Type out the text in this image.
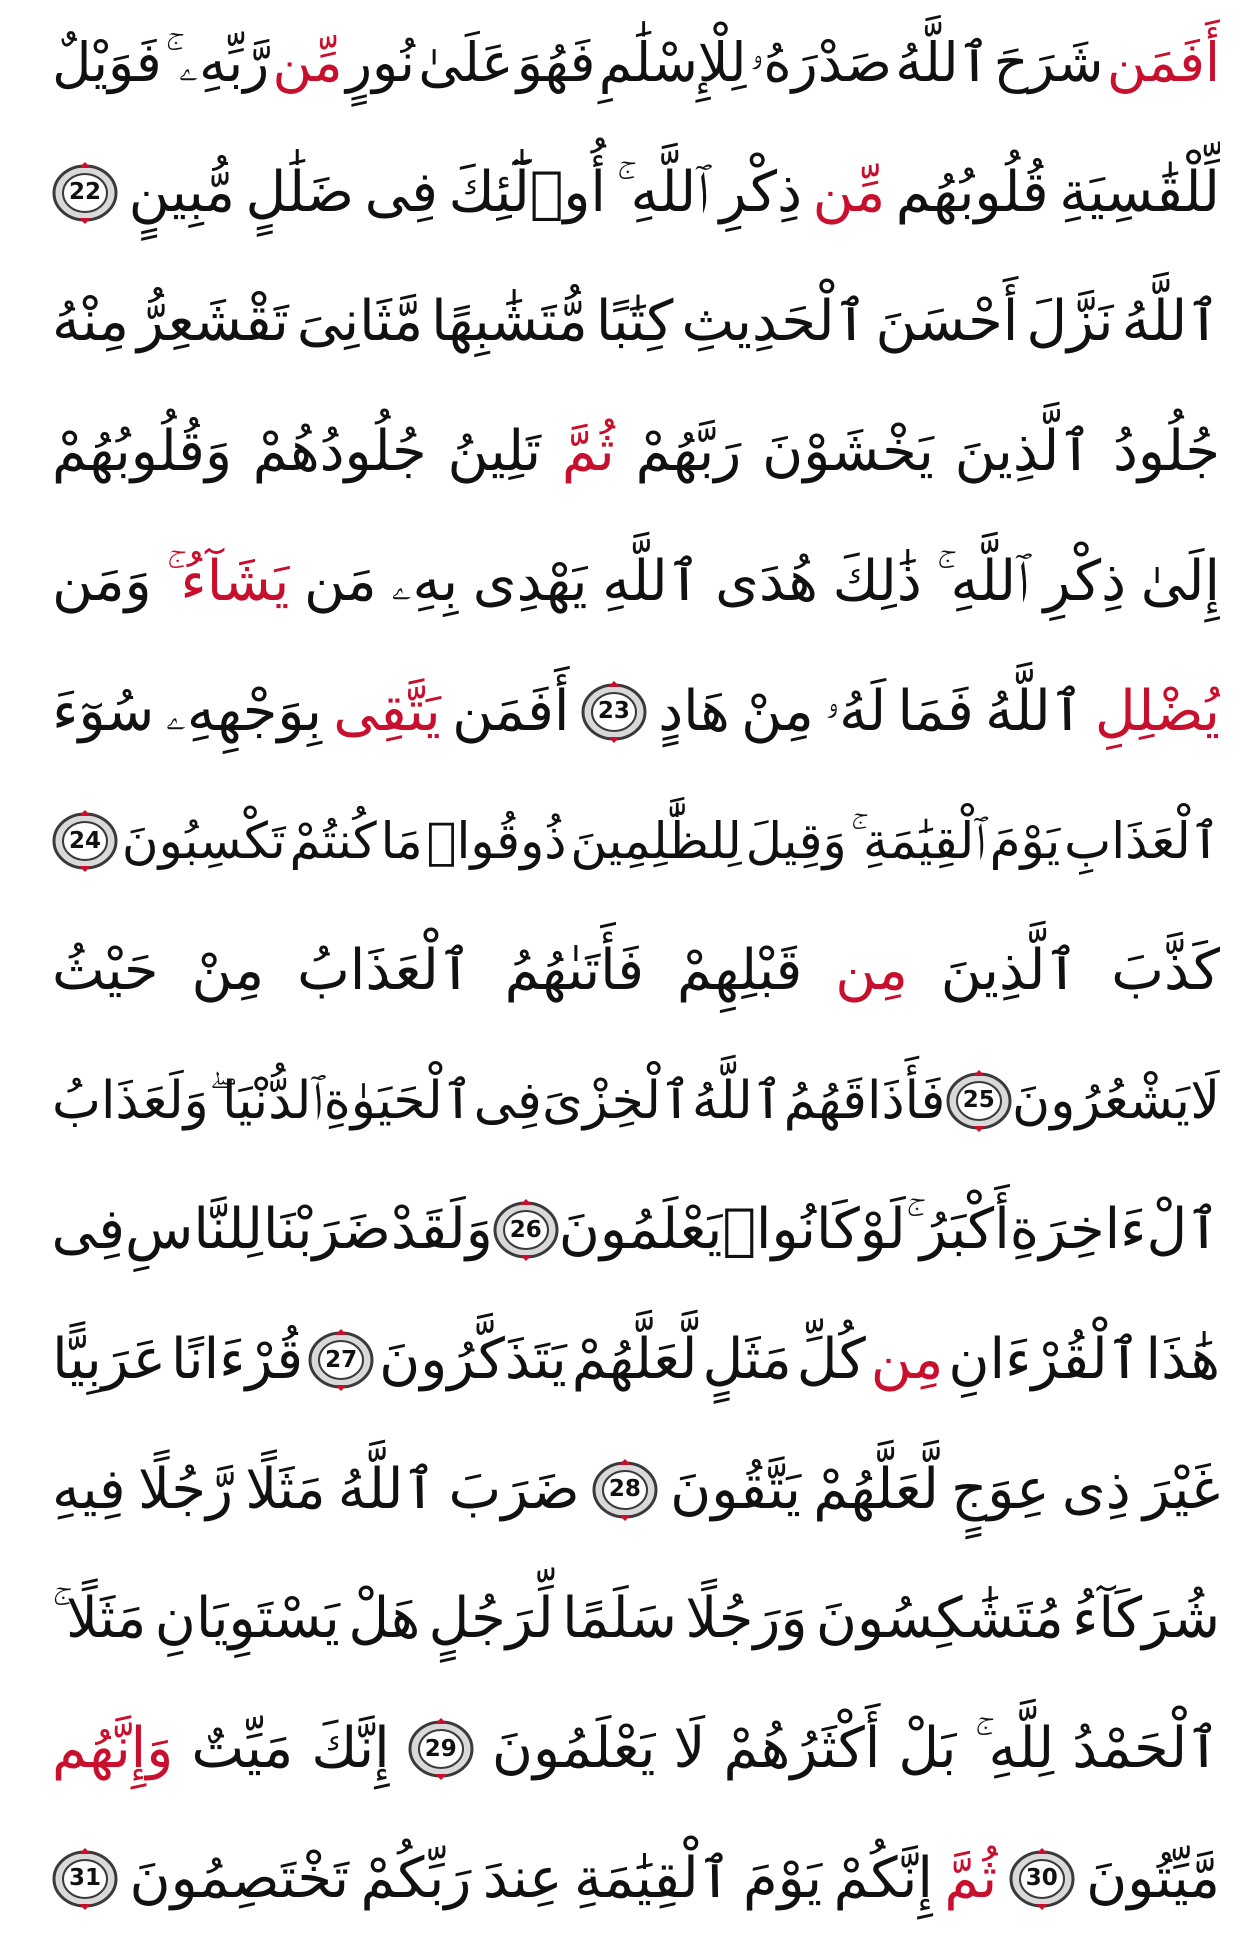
أَفَمَن
شَرَحَ
ٱللَّهُ
صَدْرَهُۥ
لِلْإِسْلَٰمِ
فَهُوَ
عَلَىٰ
نُورٍ
مِّن
رَّبِّهِۦ ۚ
فَوَيْلٌ
لِّلْقَٰسِيَةِ
قُلُوبُهُم
مِّن
ذِكْرِ
ٱللَّهِ ۚ
أُو۟لَٰٓئِكَ
فِى
ضَلَٰلٍ
مُّبِينٍ
22
ٱللَّهُ
نَزَّلَ
أَحْسَنَ
ٱلْحَدِيثِ
كِتَٰبًا
مُّتَشَٰبِهًا
مَّثَانِىَ
تَقْشَعِرُّ
مِنْهُ
جُلُودُ
ٱلَّذِينَ
يَخْشَوْنَ
رَبَّهُمْ
ثُمَّ
تَلِينُ
جُلُودُهُمْ
وَقُلُوبُهُمْ
إِلَىٰ
ذِكْرِ
ٱللَّهِ ۚ
ذَٰلِكَ
هُدَى
ٱللَّهِ
يَهْدِى
بِهِۦ
مَن
يَشَآءُ ۚ
وَمَن
يُضْلِلِ
ٱللَّهُ
فَمَا
لَهُۥ
مِنْ
هَادٍ
23
أَفَمَن
يَتَّقِى
بِوَجْهِهِۦ
سُوٓءَ
ٱلْعَذَابِ
يَوْمَ
ٱلْقِيَٰمَةِ ۚ
وَقِيلَ
لِلظَّٰلِمِينَ
ذُوقُوا۟
مَا
كُنتُمْ
تَكْسِبُونَ
24
كَذَّبَ
ٱلَّذِينَ
مِن
قَبْلِهِمْ
فَأَتَىٰهُمُ
ٱلْعَذَابُ
مِنْ
حَيْثُ
لَا
يَشْعُرُونَ
25
فَأَذَاقَهُمُ
ٱللَّهُ
ٱلْخِزْىَ
فِى
ٱلْحَيَوٰةِ
ٱلدُّنْيَا ۖ
وَلَعَذَابُ
ٱلْءَاخِرَةِ
أَكْبَرُ ۚ
لَوْ
كَانُوا۟
يَعْلَمُونَ
26
وَلَقَدْ
ضَرَبْنَا
لِلنَّاسِ
فِى
هَٰذَا
ٱلْقُرْءَانِ
مِن
كُلِّ
مَثَلٍ
لَّعَلَّهُمْ
يَتَذَكَّرُونَ
27
قُرْءَانًا
عَرَبِيًّا
غَيْرَ
ذِى
عِوَجٍ
لَّعَلَّهُمْ
يَتَّقُونَ
28
ضَرَبَ
ٱللَّهُ
مَثَلًا
رَّجُلًا
فِيهِ
شُرَكَآءُ
مُتَشَٰكِسُونَ
وَرَجُلًا
سَلَمًا
لِّرَجُلٍ
هَلْ
يَسْتَوِيَانِ
مَثَلًا ۚ
ٱلْحَمْدُ
لِلَّهِ ۚ
بَلْ
أَكْثَرُهُمْ
لَا
يَعْلَمُونَ
29
إِنَّكَ
مَيِّتٌ
وَإِنَّهُم
مَّيِّتُونَ
30
ثُمَّ
إِنَّكُمْ
يَوْمَ
ٱلْقِيَٰمَةِ
عِندَ
رَبِّكُمْ
تَخْتَصِمُونَ
31
